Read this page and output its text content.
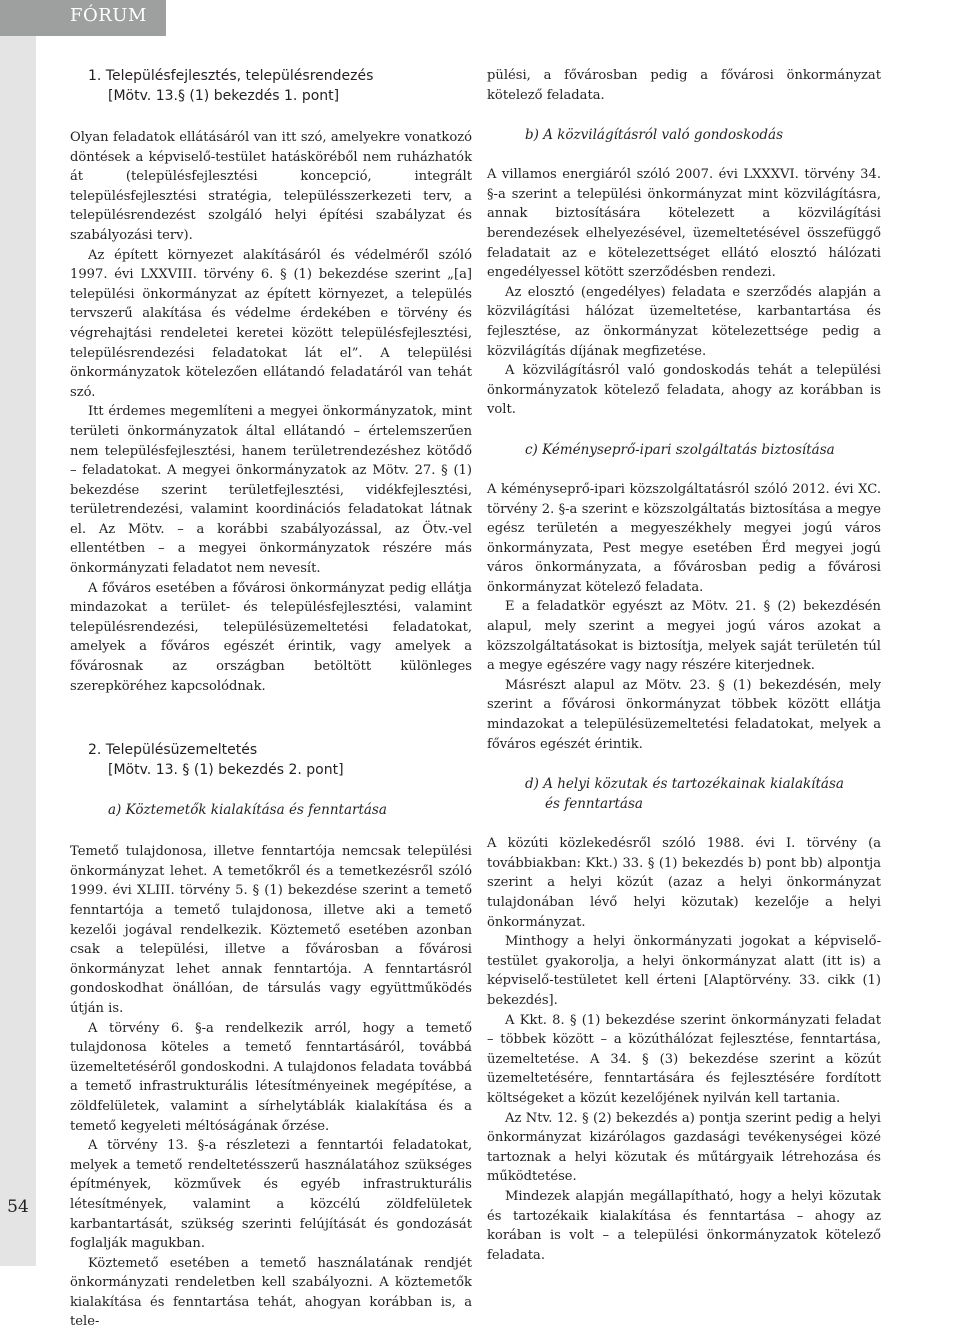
FÓRUM
54

1. Településfejlesztés, településrendezés

[Mötv. 13.§ (1) bekezdés 1. pont]

Olyan feladatok ellátásáról van itt szó, amelyekre vonatkozó döntések a képviselő-testület hatásköréből nem ruházhatók át (településfejlesztési koncepció, integrált településfejlesztési stratégia, településszerkezeti terv, a településrendezést szolgáló helyi építési szabályzat és szabályozási terv).

Az épített környezet alakításáról és védelméről szóló 1997. évi LXXVIII. törvény 6. § (1) bekezdése szerint „[a] települési önkormányzat az épített környezet, a település tervszerű alakítása és védelme érdekében e törvény és végrehajtási rendeletei keretei között településfejlesztési, településrendezési feladatokat lát el”. A települési önkormányzatok kötelezően ellátandó feladatáról van tehát szó.

Itt érdemes megemlíteni a megyei önkormányzatok, mint területi önkormányzatok által ellátandó – értelemszerűen nem településfejlesztési, hanem területrendezéshez kötődő – feladatokat. A megyei önkormányzatok az Mötv. 27. § (1) bekezdése szerint területfejlesztési, vidékfejlesztési, területrendezési, valamint koordinációs feladatokat látnak el. Az Mötv. – a korábbi szabályozással, az Ötv.-vel ellentétben – a megyei önkormányzatok részére más önkormányzati feladatot nem nevesít.

A főváros esetében a fővárosi önkormányzat pedig ellátja mindazokat a terület- és településfejlesztési, valamint településrendezési, településüzemeltetési feladatokat, amelyek a főváros egészét érintik, vagy amelyek a fővárosnak az országban betöltött különleges szerepköréhez kapcsolódnak.

2. Településüzemeltetés

[Mötv. 13. § (1) bekezdés 2. pont]

a) Köztemetők kialakítása és fenntartása

Temető tulajdonosa, illetve fenntartója nemcsak települési önkormányzat lehet. A temetőkről és a temetkezésről szóló 1999. évi XLIII. törvény 5. § (1) bekezdése szerint a temető fenntartója a temető tulajdonosa, illetve aki a temető kezelői jogával rendelkezik. Köztemető esetében azonban csak a települési, illetve a fővárosban a fővárosi önkormányzat lehet annak fenntartója. A fenntartásról gondoskodhat önállóan, de társulás vagy együttműködés útján is.

A törvény 6. §-a rendelkezik arról, hogy a temető tulajdonosa köteles a temető fenntartásáról, továbbá üzemeltetéséről gondoskodni. A tulajdonos feladata továbbá a temető infrastrukturális létesítményeinek megépítése, a zöldfelületek, valamint a sírhelytáblák kialakítása és a temető kegyeleti méltóságának őrzése.

A törvény 13. §-a részletezi a fenntartói feladatokat, melyek a temető rendeltetésszerű használatához szükséges építmények, közművek és egyéb infrastrukturális létesítmények, valamint a közcélú zöldfelületek karbantartását, szükség szerinti felújítását és gondozását foglalják magukban.

Köztemető esetében a temető használatának rendjét önkormányzati rendeletben kell szabályozni. A köztemetők kialakítása és fenntartása tehát, ahogyan korábban is, a tele-

pülési, a fővárosban pedig a fővárosi önkormányzat kötelező feladata.

b) A közvilágításról való gondoskodás

A villamos energiáról szóló 2007. évi LXXXVI. törvény 34. §-a szerint a települési önkormányzat mint közvilágításra, annak biztosítására kötelezett a közvilágítási berendezések elhelyezésével, üzemeltetésével összefüggő feladatait az e kötelezettséget ellátó elosztó hálózati engedélyessel kötött szerződésben rendezi.

Az elosztó (engedélyes) feladata e szerződés alapján a közvilágítási hálózat üzemeltetése, karbantartása és fejlesztése, az önkormányzat kötelezettsége pedig a közvilágítás díjának megfizetése.

A közvilágításról való gondoskodás tehát a települési önkormányzatok kötelező feladata, ahogy az korábban is volt.

c) Kéményseprő-ipari szolgáltatás biztosítása

A kéményseprő-ipari közszolgáltatásról szóló 2012. évi XC. törvény 2. §-a szerint e közszolgáltatás biztosítása a megye egész területén a megyeszékhely megyei jogú város önkormányzata, Pest megye esetében Érd megyei jogú város önkormányzata, a fővárosban pedig a fővárosi önkormányzat kötelező feladata.

E a feladatkör egyészt az Mötv. 21. § (2) bekezdésén alapul, mely szerint a megyei jogú város azokat a közszolgáltatásokat is biztosítja, melyek saját területén túl a megye egészére vagy nagy részére kiterjednek.

Másrészt alapul az Mötv. 23. § (1) bekezdésén, mely szerint a fővárosi önkormányzat többek között ellátja mindazokat a településüzemeltetési feladatokat, melyek a főváros egészét érintik.

d) A helyi közutak és tartozékainak kialakítása

és fenntartása

A közúti közlekedésről szóló 1988. évi I. törvény (a továbbiakban: Kkt.) 33. § (1) bekezdés b) pont bb) alpontja szerint a helyi közút (azaz a helyi önkormányzat tulajdonában lévő helyi közutak) kezelője a helyi önkormányzat.

Minthogy a helyi önkormányzati jogokat a képviselő-testület gyakorolja, a helyi önkormányzat alatt (itt is) a képviselő-testületet kell érteni [Alaptörvény. 33. cikk (1) bekezdés].

A Kkt. 8. § (1) bekezdése szerint önkormányzati feladat – többek között – a közúthálózat fejlesztése, fenntartása, üzemeltetése. A 34. § (3) bekezdése szerint a közút üzemeltetésére, fenntartására és fejlesztésére fordított költségeket a közút kezelőjének nyilván kell tartania.

Az Ntv. 12. § (2) bekezdés a) pontja szerint pedig a helyi önkormányzat kizárólagos gazdasági tevékenységei közé tartoznak a helyi közutak és műtárgyaik létrehozása és működtetése.

Mindezek alapján megállapítható, hogy a helyi közutak és tartozékaik kialakítása és fenntartása – ahogy az korában is volt – a települési önkormányzatok kötelező feladata.
